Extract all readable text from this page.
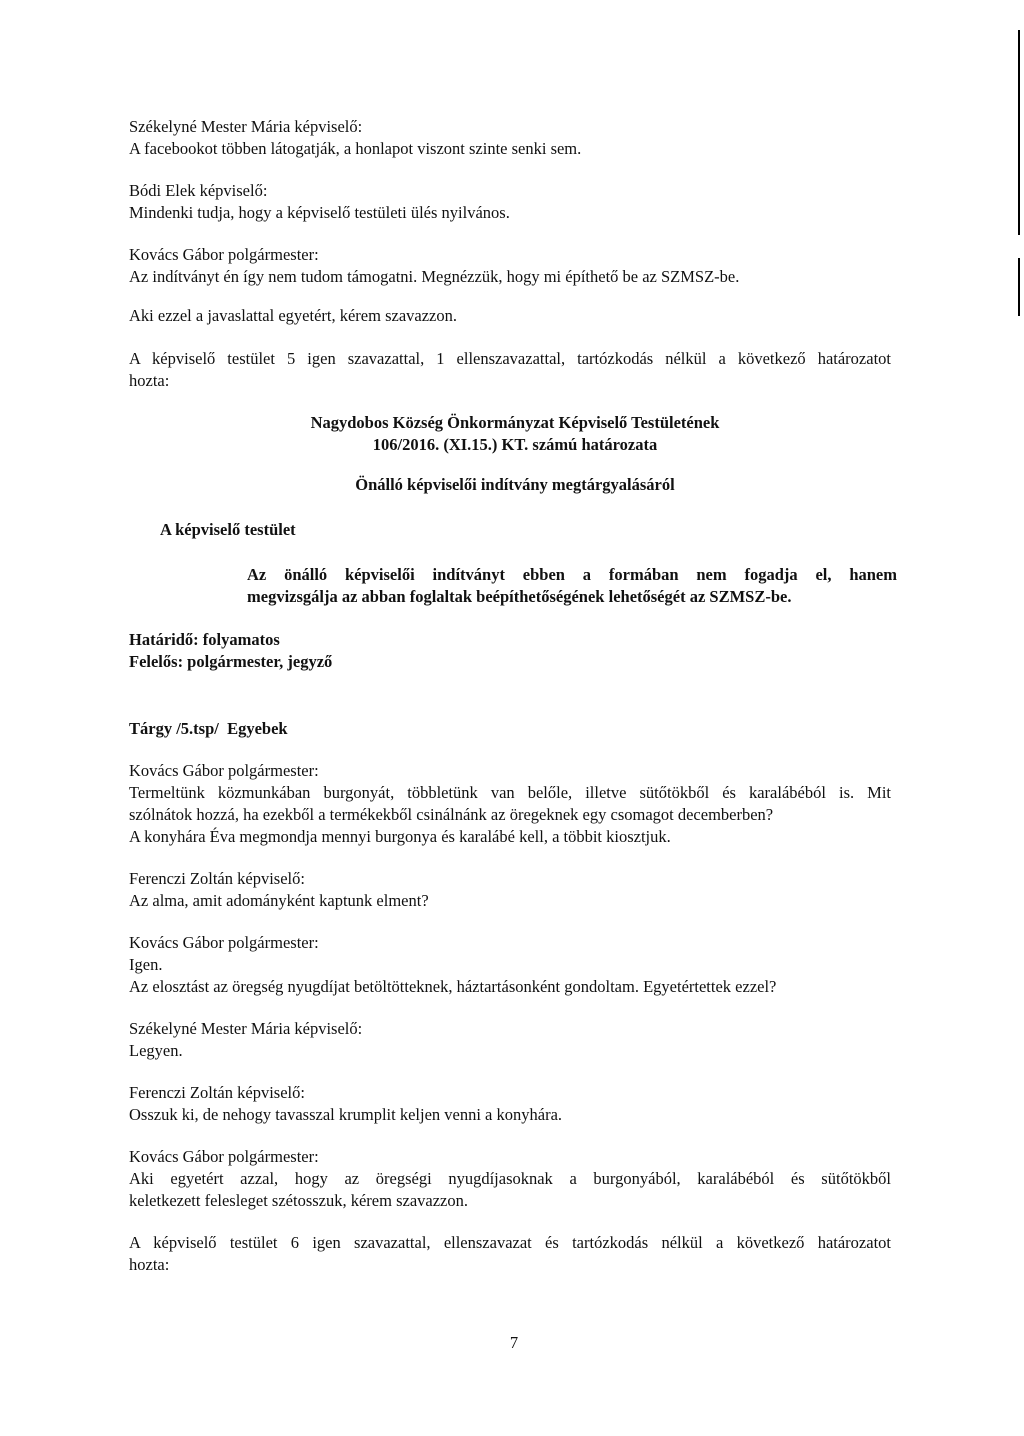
Székelyné Mester Mária képviselő:
A facebookot többen látogatják, a honlapot viszont szinte senki sem.
Bódi Elek képviselő:
Mindenki tudja, hogy a képviselő testületi ülés nyilvános.
Kovács Gábor polgármester:
Az indítványt én így nem tudom támogatni. Megnézzük, hogy mi építhető be az SZMSZ-be.
Aki ezzel a javaslattal egyetért, kérem szavazzon.
A képviselő testület 5 igen szavazattal, 1 ellenszavazattal, tartózkodás nélkül a következő határozatot
hozta:
Nagydobos Község Önkormányzat Képviselő Testületének
106/2016. (XI.15.) KT. számú határozata
Önálló képviselői indítvány megtárgyalásáról
A képviselő testület
Az önálló képviselői indítványt ebben a formában nem fogadja el, hanem
megvizsgálja az abban foglaltak beépíthetőségének lehetőségét az SZMSZ-be.
Határidő: folyamatos
Felelős: polgármester, jegyző
Tárgy /5.tsp/  Egyebek
Kovács Gábor polgármester:
Termeltünk közmunkában burgonyát, többletünk van belőle, illetve sütőtökből és karalábéból is. Mit
szólnátok hozzá, ha ezekből a termékekből csinálnánk az öregeknek egy csomagot decemberben?
A konyhára Éva megmondja mennyi burgonya és karalábé kell, a többit kiosztjuk.
Ferenczi Zoltán képviselő:
Az alma, amit adományként kaptunk elment?
Kovács Gábor polgármester:
Igen.
Az elosztást az öregség nyugdíjat betöltötteknek, háztartásonként gondoltam. Egyetértettek ezzel?
Székelyné Mester Mária képviselő:
Legyen.
Ferenczi Zoltán képviselő:
Osszuk ki, de nehogy tavasszal krumplit keljen venni a konyhára.
Kovács Gábor polgármester:
Aki egyetért azzal, hogy az öregségi nyugdíjasoknak a burgonyából, karalábéból és sütőtökből
keletkezett felesleget szétosszuk, kérem szavazzon.
A képviselő testület 6 igen szavazattal, ellenszavazat és tartózkodás nélkül a következő határozatot
hozta:
7
